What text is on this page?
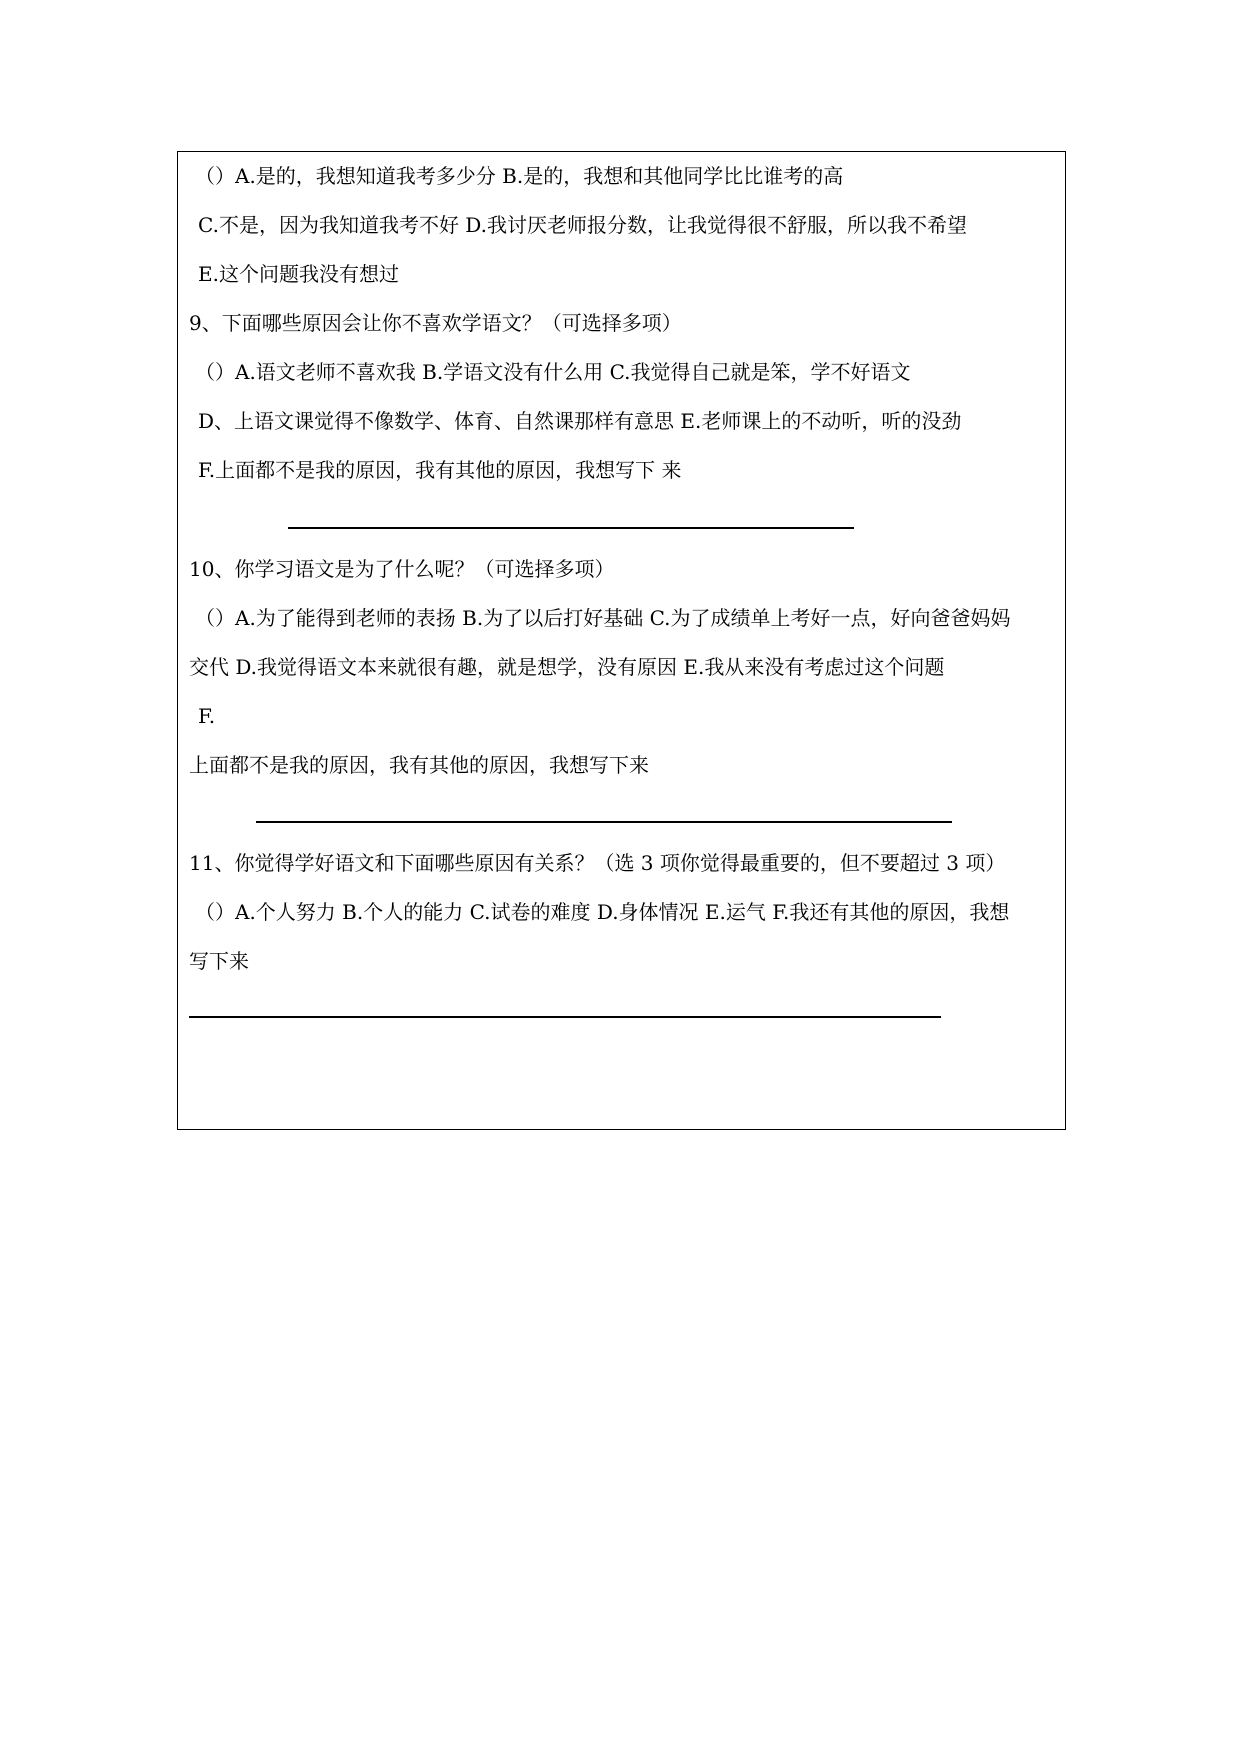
（）A.是的，我想知道我考多少分 B.是的，我想和其他同学比比谁考的高
C.不是，因为我知道我考不好 D.我讨厌老师报分数，让我觉得很不舒服，所以我不希望
E.这个问题我没有想过
9、下面哪些原因会让你不喜欢学语文？（可选择多项）
（）A.语文老师不喜欢我 B.学语文没有什么用 C.我觉得自己就是笨，学不好语文
D、上语文课觉得不像数学、体育、自然课那样有意思 E.老师课上的不动听，听的没劲
F.上面都不是我的原因，我有其他的原因，我想写下 来
10、你学习语文是为了什么呢？（可选择多项）
（）A.为了能得到老师的表扬 B.为了以后打好基础 C.为了成绩单上考好一点，好向爸爸妈妈
交代 D.我觉得语文本来就很有趣，就是想学，没有原因 E.我从来没有考虑过这个问题
F.
上面都不是我的原因，我有其他的原因，我想写下来
11、你觉得学好语文和下面哪些原因有关系？（选 3 项你觉得最重要的，但不要超过 3 项）
（）A.个人努力 B.个人的能力 C.试卷的难度 D.身体情况 E.运气 F.我还有其他的原因，我想
写下来
